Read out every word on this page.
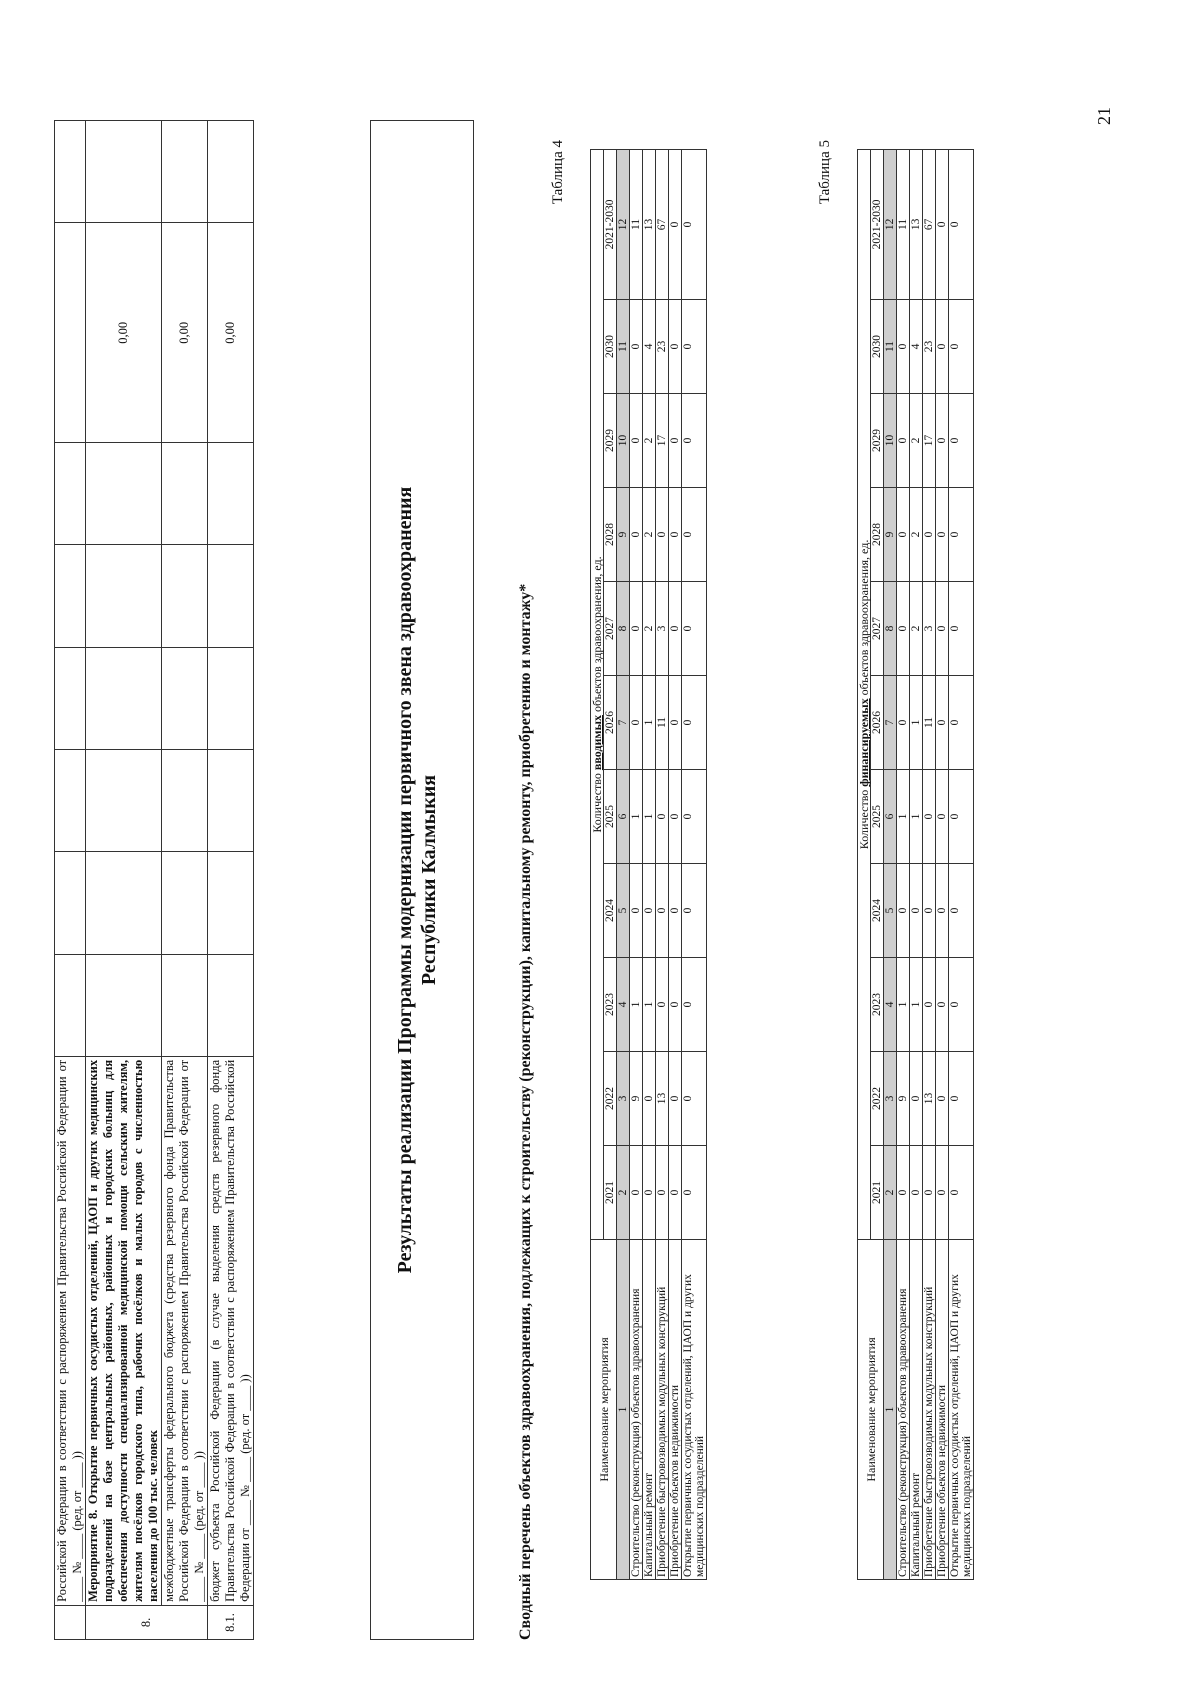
21
	Российской Федерации в соответствии с распоряжением Правительства Российской Федерации от ____ № ____ (ред. от ____ ))								
8.	Мероприятие 8. Открытие первичных сосудистых отделений, ЦАОП и других медицинских подразделений на базе центральных районных, районных и городских больниц для обеспечения доступности специализированной медицинской помощи сельским жителям, жителям посёлков городского типа, рабочих посёлков и малых городов с численностью населения до 100 тыс. человек							0,00	
	межбюджетные трансферты федерального бюджета (средства резервного фонда Правительства Российской Федерации в соответствии с распоряжением Правительства Российской Федерации от ____ № ____ (ред. от ____ ))							0,00	
8.1.	бюджет субъекта Российской Федерации (в случае выделения средств резервного фонда Правительства Российской Федерации в соответствии с распоряжением Правительства Российской Федерации от ____ № ____ (ред. от ____ ))							0,00	
Результаты реализации Программы модернизации первичного звена здравоохранения Республики Калмыкия	Сводный перечень объектов здравоохранения, подлежащих к строительству (реконструкции), капитальному ремонту, приобретению и монтажу*
Таблица 4
Наименование мероприятия	Количество вводимых объектов здравоохранения, ед.										
	2021	2022	2023	2024	2025	2026	2027	2028	2029	2030	2021-2030
1	2	3	4	5	6	7	8	9	10	11	12
Строительство (реконструкция) объектов здравоохранения	0	9	1	0	1	0	0	0	0	0	11
Капитальный ремонт	0	0	1	0	1	1	2	2	2	4	13
Приобретение быстровозводимых модульных конструкций	0	13	0	0	0	11	3	0	17	23	67
Приобретение объектов недвижимости	0	0	0	0	0	0	0	0	0	0	0
Открытие первичных сосудистых отделений, ЦАОП и других медицинских подразделений	0	0	0	0	0	0	0	0	0	0	0
Таблица 5
Наименование мероприятия	Количество финансируемых объектов здравоохранения, ед.										
	2021	2022	2023	2024	2025	2026	2027	2028	2029	2030	2021-2030
1	2	3	4	5	6	7	8	9	10	11	12
Строительство (реконструкция) объектов здравоохранения	0	9	1	0	1	0	0	0	0	0	11
Капитальный ремонт	0	0	1	0	1	1	2	2	2	4	13
Приобретение быстровозводимых модульных конструкций	0	13	0	0	0	11	3	0	17	23	67
Приобретение объектов недвижимости	0	0	0	0	0	0	0	0	0	0	0
Открытие первичных сосудистых отделений, ЦАОП и других медицинских подразделений	0	0	0	0	0	0	0	0	0	0	0
